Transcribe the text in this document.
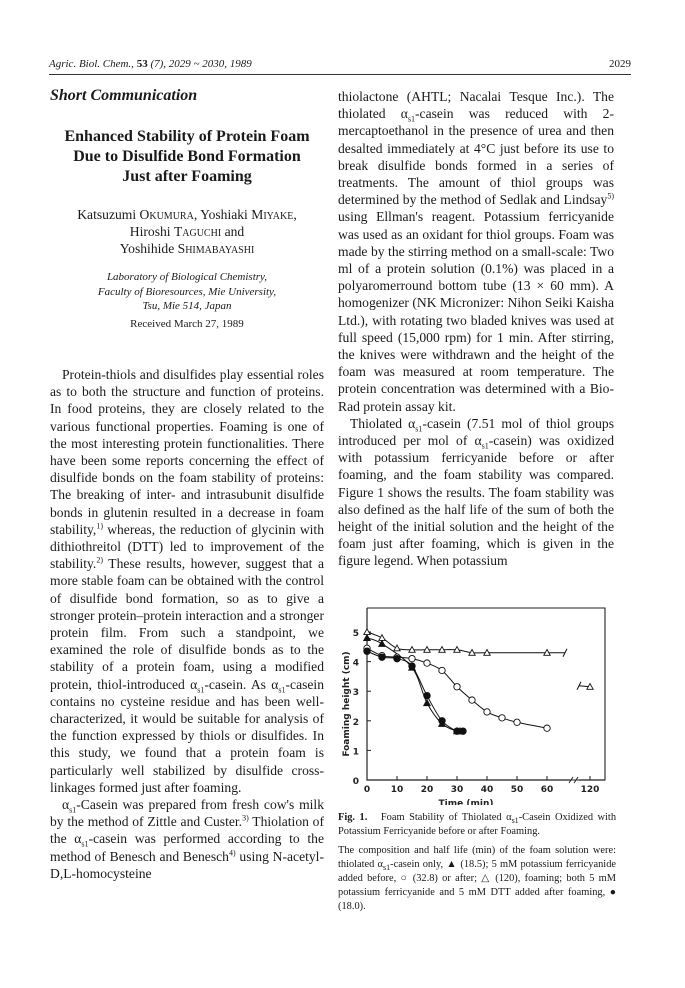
Agric. Biol. Chem., 53 (7), 2029 ~ 2030, 1989	2029
Short Communication
Enhanced Stability of Protein Foam
Due to Disulfide Bond Formation
Just after Foaming
Katsuzumi Okumura, Yoshiaki Miyake,
Hiroshi Taguchi and
Yoshihide Shimabayashi
Laboratory of Biological Chemistry,
Faculty of Bioresources, Mie University,
Tsu, Mie 514, Japan
Received March 27, 1989

Protein-thiols and disulfides play essential roles as to both the structure and function of proteins. In food proteins, they are closely related to the various functional properties. Foaming is one of the most interesting protein functionalities. There have been some reports concerning the effect of disulfide bonds on the foam stability of proteins: The breaking of inter- and intrasubunit disulfide bonds in glutenin resulted in a decrease in foam stability,$^{1)}$ whereas, the reduction of glycinin with dithiothreitol (DTT) led to improvement of the stability.$^{2)}$ These results, however, suggest that a more stable foam can be obtained with the control of disulfide bond formation, so as to give a stronger protein–protein interaction and a stronger protein film. From such a standpoint, we examined the role of disulfide bonds as to the stability of a protein foam, using a modified protein, thiol-introduced $\alpha_{s1}$-casein. As $\alpha_{s1}$-casein contains no cysteine residue and has been well-characterized, it would be suitable for analysis of the function expressed by thiols or disulfides. In this study, we found that a protein foam is particularly well stabilized by disulfide cross-linkages formed just after foaming.

$\alpha_{s1}$-Casein was prepared from fresh cow's milk by the method of Zittle and Custer.$^{3)}$ Thiolation of the $\alpha_{s1}$-casein was performed according to the method of Benesch and Benesch$^{4)}$ using N-acetyl-D,L-homocysteine

thiolactone (AHTL; Nacalai Tesque Inc.). The thiolated $\alpha_{s1}$-casein was reduced with 2-mercaptoethanol in the presence of urea and then desalted immediately at 4°C just before its use to break disulfide bonds formed in a series of treatments. The amount of thiol groups was determined by the method of Sedlak and Lindsay$^{5)}$ using Ellman's reagent. Potassium ferricyanide was used as an oxidant for thiol groups. Foam was made by the stirring method on a small-scale: Two ml of a protein solution (0.1%) was placed in a polyaromerround bottom tube (13 × 60 mm). A homogenizer (NK Micronizer: Nihon Seiki Kaisha Ltd.), with rotating two bladed knives was used at full speed (15,000 rpm) for 1 min. After stirring, the knives were withdrawn and the height of the foam was measured at room temperature. The protein concentration was determined with a Bio-Rad protein assay kit.

Thiolated $\alpha_{s1}$-casein (7.51 mol of thiol groups introduced per mol of $\alpha_{s1}-casein$) was oxidized with potassium ferricyanide before or after foaming, and the foam stability was compared. Figure 1 shows the results. The foam stability was also defined as the half life of the sum of both the height of the initial solution and the height of the foam just after foaming, which is given in the figure legend. When potassium

0
1
2
3
4
5
0 10 20 30 40 50 60	120
Time (min)
Foaming height (cm)

Fig. 1. Foam Stability of Thiolated $\alpha_{s1}$-Casein Oxidized with Potassium Ferricyanide before or after Foaming.

The composition and half life (min) of the foam solution were: thiolated $\alpha_{s1}$-casein only, ▲ (18.5); 5 mM potassium ferricyanide added before, ○ (32.8) or after; △ (120), foaming; both 5 mM potassium ferricyanide and 5 mM DTT added after foaming, ● (18.0).
